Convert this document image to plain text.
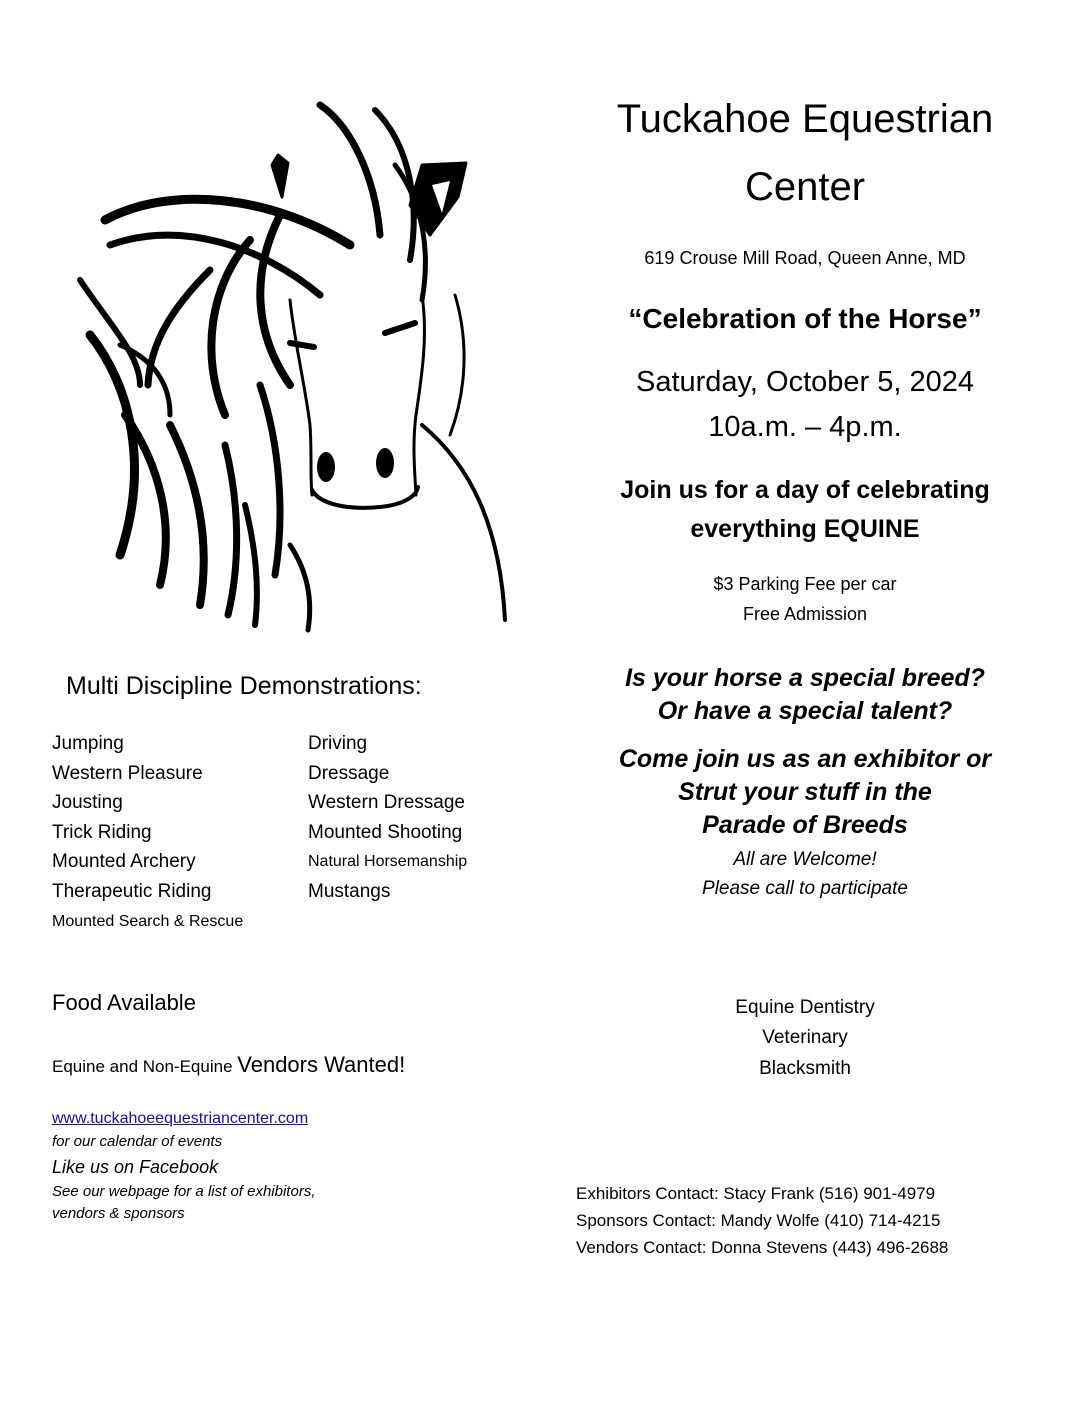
Tuckahoe Equestrian
Center
619 Crouse Mill Road, Queen Anne, MD
“Celebration of the Horse”
Saturday, October 5, 2024
10a.m. – 4p.m.
Join us for a day of celebrating
everything EQUINE
$3 Parking Fee per car
Free Admission
Is your horse a special breed?
Or have a special talent?
Come join us as an exhibitor or
Strut your stuff in the
Parade of Breeds
All are Welcome!
Please call to participate
Equine Dentistry
Veterinary
Blacksmith
Exhibitors Contact: Stacy Frank (516) 901-4979
Sponsors Contact: Mandy Wolfe (410) 714-4215
Vendors Contact: Donna Stevens (443) 496-2688
Multi Discipline Demonstrations:
Jumping
Western Pleasure
Jousting
Trick Riding
Mounted Archery
Therapeutic Riding
Mounted Search & Rescue
Driving
Dressage
Western Dressage
Mounted Shooting
Natural Horsemanship
Mustangs
Food Available
Equine and Non-Equine Vendors Wanted!
www.tuckahoeequestriancenter.com
for our calendar of events
Like us on Facebook
See our webpage for a list of exhibitors,
vendors & sponsors
